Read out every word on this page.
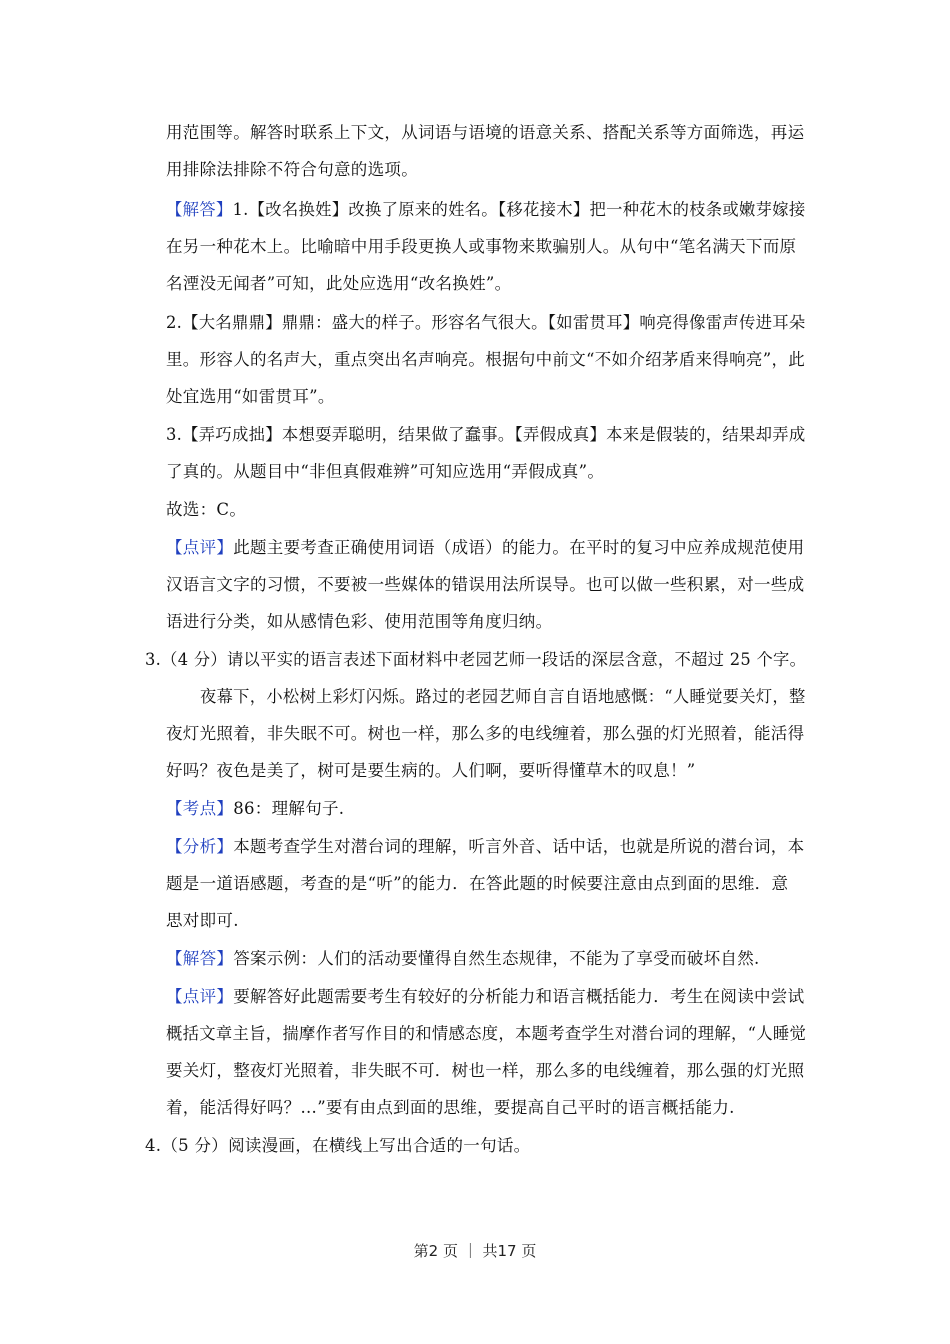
用范围等。解答时联系上下文，从词语与语境的语意关系、搭配关系等方面筛选，再运
用排除法排除不符合句意的选项。
【解答】1.【改名换姓】改换了原来的姓名。【移花接木】把一种花木的枝条或嫩芽嫁接
在另一种花木上。比喻暗中用手段更换人或事物来欺骗别人。从句中“笔名满天下而原
名湮没无闻者”可知，此处应选用“改名换姓”。
2.【大名鼎鼎】鼎鼎：盛大的样子。形容名气很大。【如雷贯耳】响亮得像雷声传进耳朵
里。形容人的名声大，重点突出名声响亮。根据句中前文“不如介绍茅盾来得响亮”，此
处宜选用“如雷贯耳”。
3.【弄巧成拙】本想耍弄聪明，结果做了蠢事。【弄假成真】本来是假装的，结果却弄成
了真的。从题目中“非但真假难辨”可知应选用“弄假成真”。
故选：C。
【点评】此题主要考查正确使用词语（成语）的能力。在平时的复习中应养成规范使用
汉语言文字的习惯，不要被一些媒体的错误用法所误导。也可以做一些积累，对一些成
语进行分类，如从感情色彩、使用范围等角度归纳。
3.（4 分）请以平实的语言表述下面材料中老园艺师一段话的深层含意，不超过 25 个字。
夜幕下，小松树上彩灯闪烁。路过的老园艺师自言自语地感慨：“人睡觉要关灯，整
夜灯光照着，非失眠不可。树也一样，那么多的电线缠着，那么强的灯光照着，能活得
好吗？夜色是美了，树可是要生病的。人们啊，要听得懂草木的叹息！”
【考点】86：理解句子.
【分析】本题考查学生对潜台词的理解，听言外音、话中话，也就是所说的潜台词，本
题是一道语感题，考查的是“听”的能力．在答此题的时候要注意由点到面的思维．意
思对即可.
【解答】答案示例：人们的活动要懂得自然生态规律，不能为了享受而破坏自然.
【点评】要解答好此题需要考生有较好的分析能力和语言概括能力．考生在阅读中尝试
概括文章主旨，揣摩作者写作目的和情感态度，本题考查学生对潜台词的理解，“人睡觉
要关灯，整夜灯光照着，非失眠不可．树也一样，那么多的电线缠着，那么强的灯光照
着，能活得好吗？…”要有由点到面的思维，要提高自己平时的语言概括能力.
4.（5 分）阅读漫画，在横线上写出合适的一句话。
第2 页 ｜ 共17 页
